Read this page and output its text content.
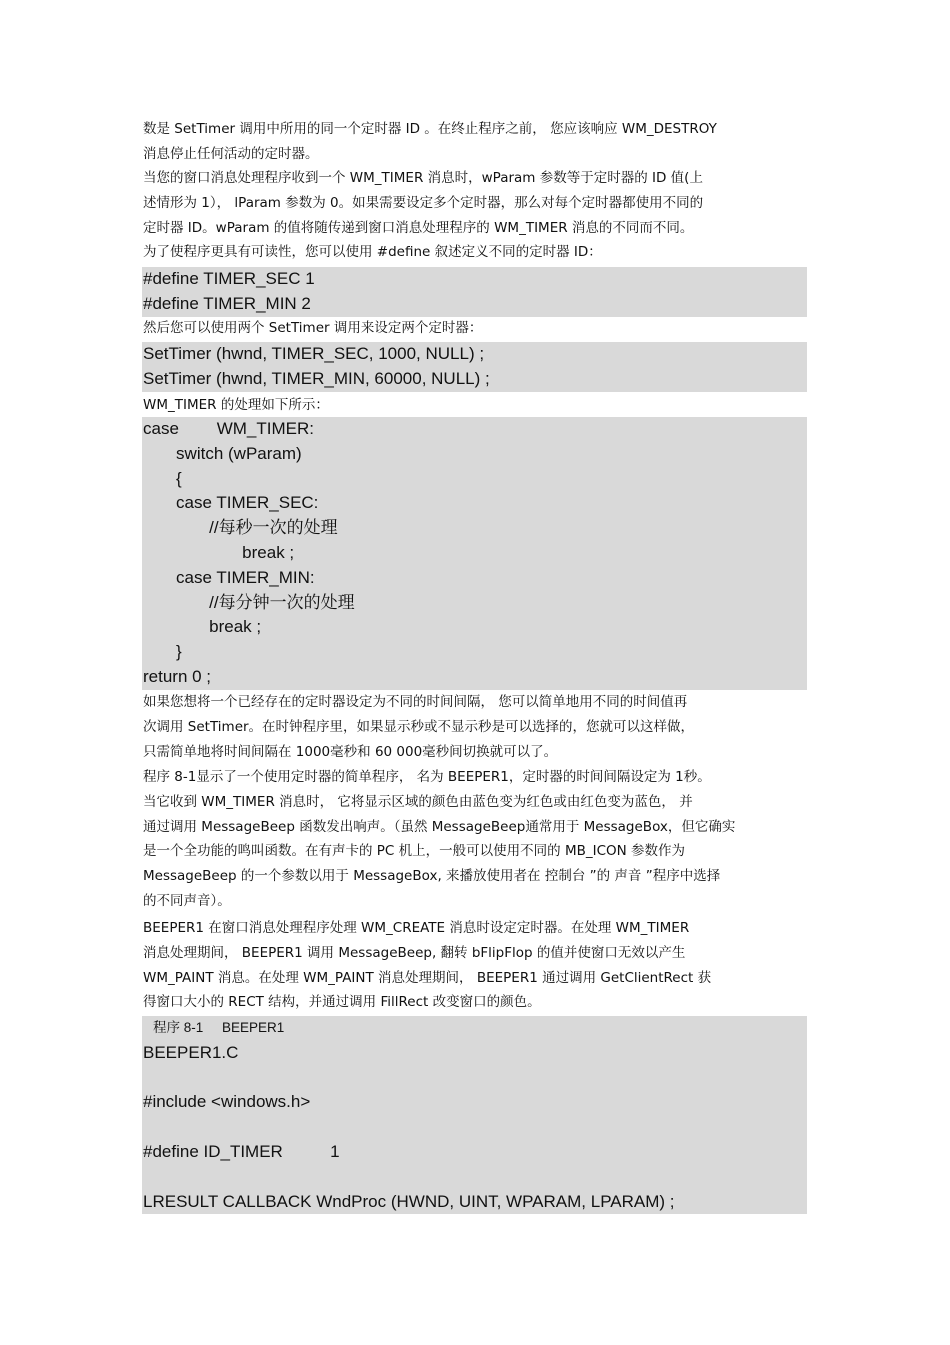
数是 SetTimer 调用中所用的同一个定时器 ID 。在终止程序之前， 您应该响应 WM_DESTROY
消息停止任何活动的定时器。
当您的窗口消息处理程序收到一个 WM_TIMER 消息时，wParam 参数等于定时器的 ID 值(上
述情形为 1）， lParam 参数为 0。如果需要设定多个定时器，那么对每个定时器都使用不同的
定时器 ID。wParam 的值将随传递到窗口消息处理程序的 WM_TIMER 消息的不同而不同。
为了使程序更具有可读性，您可以使用 #define 叙述定义不同的定时器 ID：
#define TIMER_SEC 1
#define TIMER_MIN 2
然后您可以使用两个 SetTimer 调用来设定两个定时器：
SetTimer (hwnd, TIMER_SEC, 1000, NULL) ;
SetTimer (hwnd, TIMER_MIN, 60000, NULL) ;
WM_TIMER 的处理如下所示：
case        WM_TIMER:
switch (wParam)
{
case TIMER_SEC:
//每秒一次的处理
break ;
case TIMER_MIN:
//每分钟一次的处理
break ;
}
return 0 ;
如果您想将一个已经存在的定时器设定为不同的时间间隔， 您可以简单地用不同的时间值再
次调用 SetTimer。在时钟程序里，如果显示秒或不显示秒是可以选择的，您就可以这样做，
只需简单地将时间间隔在 1000毫秒和 60 000毫秒间切换就可以了。
程序 8-1显示了一个使用定时器的简单程序， 名为 BEEPER1，定时器的时间间隔设定为 1秒。
当它收到 WM_TIMER 消息时， 它将显示区域的颜色由蓝色变为红色或由红色变为蓝色， 并
通过调用 MessageBeep 函数发出响声。（虽然 MessageBeep通常用于 MessageBox，但它确实
是一个全功能的鸣叫函数。在有声卡的 PC 机上，一般可以使用不同的 MB_ICON 参数作为
MessageBeep 的一个参数以用于 MessageBox, 来播放使用者在 控制台 ”的 声音 ”程序中选择
的不同声音）。
BEEPER1 在窗口消息处理程序处理 WM_CREATE 消息时设定定时器。在处理 WM_TIMER
消息处理期间， BEEPER1 调用 MessageBeep, 翻转 bFlipFlop 的值并使窗口无效以产生
WM_PAINT 消息。在处理 WM_PAINT 消息处理期间， BEEPER1 通过调用 GetClientRect 获
得窗口大小的 RECT 结构，并通过调用 FillRect 改变窗口的颜色。
程序 8-1     BEEPER1
BEEPER1.C
#include <windows.h>
#define ID_TIMER          1
LRESULT CALLBACK WndProc (HWND, UINT, WPARAM, LPARAM) ;
